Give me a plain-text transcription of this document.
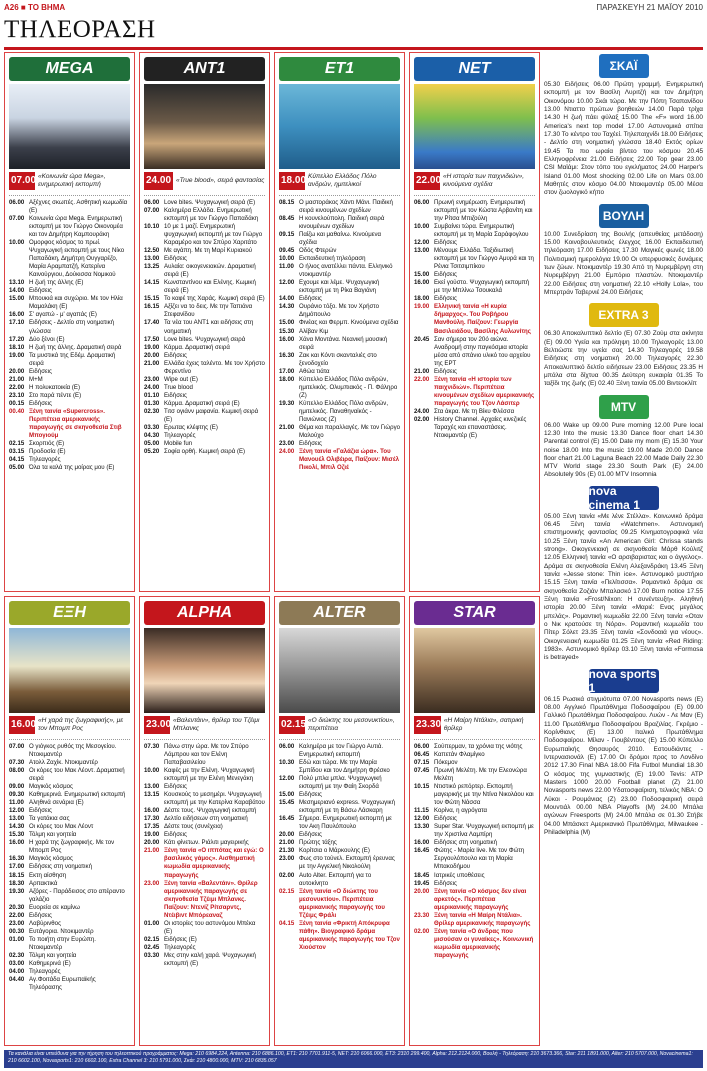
A26 ■ ΤΟ ΒΗΜΑ	ΠΑΡΑΣΚΕΥΗ 21 ΜΑΪΟΥ 2010
ΤΗΛΕΟΡΑΣΗ
MEGA
07.00 «Κοινωνία ώρα Mega», ενημερωτική εκπομπή
06.00 Αξέχνες σκωπές. Ασθητική κωμωδία (Ε)
07.00 Κοινωνία ώρα Mega. Ενημερωτική εκπομπή με τον Γιώργο Οικονομέα και τον Δημήτρη Καμπουράκη
10.00 Ομορφος κόσμος το πρωί. Ψυχαγωγική εκπομπή με τους Νίκο Παπαδάκη, Δημήτρη Ουγγαρέζο, Μαρία Αραμπατζή, Κατερίνα Καινούργιου, Δούκισσα Νομικού
13.10 Η ζωή της άλλης (Ε)
14.00 Ειδήσεις
15.00 Μπουκιά και συχώριο. Με τον Ηλία Μαμαλάκη (Ε)
16.00 Σ' αγαπώ - μ' αγαπάς (Ε)
17.10 Ειδήσεις - Δελτίο στη νοηματική γλώσσα
17.20 Δύο ξένοι (Ε)
18.10 Η ζωή της άλλης. Δραματική σειρά
19.00 Τα μυστικά της Εδέμ. Δραματική σειρά
20.00 Ειδήσεις
21.00 Μ+Μ
22.00 Η πολυκατοικία (Ε)
23.10 Στο παρά πέντε (Ε)
00.15 Ειδήσεις
00.40 Ξένη ταινία «Supercross». Περιπέτεια αμερικανικής παραγωγής σε σκηνοθεσία Στιβ Μπογιούμ
02.15 Σκορπιός (Ε)
03.15 Προδοσία (Ε)
04.15 Τηλεαγορές
05.00 Όλα τα καλά της μοίρας μου (Ε)
ANT1
24.00 «True blood», σειρά φαντασίας
06.00 Love bites. Ψυχαγωγική σειρά (Ε)
07.00 Καλημέρα Ελλάδα. Ενημερωτική εκπομπή με τον Γιώργο Παπαδάκη
10.10 10 με 1 μαζί. Ενημερωτική ψυχαγωγική εκπομπή με τον Γιώργο Καραμέρο και τον Σπύρο Χαριτάτο
12.50 Με αγάπη. Με τη Μαρί Κυριακού
13.00 Ειδήσεις
13.25 Αυλαία: οικογενειακών. Δραματική σειρά (Ε)
14.15 Κωνσταντίνου και Ελένης. Κωμική σειρά (Ε)
15.15 Το καφέ της Χαράς. Κωμική σειρά (Ε)
16.15 Αξίζει να το δεις. Με την Ταπιάνα Στεφανίδου
17.40 Τα νέα του ΑΝΤ1 και ειδήσεις στη νοηματική
17.50 Love bites. Ψυχαγωγική σειρά
19.00 Κάρμα. Δραματική σειρά
20.00 Ειδήσεις
21.00 Ελλάδα έχεις ταλέντο. Με τον Χρήστο Φερεντίνο
23.00 Wipe out (Ε)
24.00 True blood
01.10 Ειδήσεις
01.30 Κάρμα. Δραματική σειρά (Ε)
02.30 Τιτσ ογιάνν μαφανία. Κωμική σειρά (Ε)
03.30 Ερωτας κλέφτης (Ε)
04.30 Τηλεαγορές
05.00 Mobile fun
05.20 Σοφία ορθή. Κωμική σειρά (Ε)
ET1
18.00 Κύπελλο Ελλάδος Πόλο ανδρών, ημιτελικοί
08.15 Ο μαστοράκος Χάντι Μάνι. Παιδική σειρά κινουμένων σχεδίων
08.45 Η κουνελούπολη. Παιδική σειρά κινουμένων σχεδίων
09.15 Παίζω και μαθαίνω. Κινούμενα σχέδια
09.45 Οδός Φτερών
10.00 Εκπαιδευτική τηλεόραση
11.00 Ο ήλιος ανατέλλει πάντα. Ελληνικό ντοκιμαντέρ
12.00 Εχουμε και λέμε. Ψυχαγωγική εκπομπή με τη Ρίκα Βαγιάνη
14.00 Ειδήσεις
14.30 Ουράνιο τόξο. Με τον Χρήστο Δημόπουλο
15.00 Φινέας και Φερμπ. Κινούμενα σχέδια
15.30 Αλίβαν Κιμ
16.00 Χάνα Μοντάνα. Νεανική μουσική σειρά
16.30 Ζακ και Κόντι σκανταλιές στο ξενοδοχείο
17.00 Αθώα τιάτα
18.00 Κύπελλο Ελλάδος Πόλο ανδρών, ημιτελικός. Ολυμπιακός - Π. Φάληρο (Ζ)
19.30 Κύπελλο Ελλάδος Πόλο ανδρών, ημιτελικός. Παναθηναϊκός - Πανιώνιος (Ζ)
21.00 Θέμα και παραλλαγές. Με τον Γιώργο Μαλούχο
23.00 Ειδήσεις
24.00 Ξένη ταινία «Γαλάζια ώρα». Του Μανουέλ Ολιβέιρα, Παίζουν: Μισέλ Πικολί, Μπιλ Οζιέ
NET
22.00 «Η ιστορία των παιχνιδιών», κινούμενα σχέδια
06.00 Πρωινή ενημέρωση. Ενημερωτική εκπομπή με τον Κώστα Αρβανίτη και την Ρίτσα Μπιζούλη
10.00 Συμβαίνει τώρα. Ενημερωτική εκπομπή με τη Μαρία Σαράφογλου
12.00 Ειδήσεις
13.00 Μένουμε Ελλάδα. Ταξιδιωτική εκπομπή με τον Γιώργο Αμυρά και τη Ρένια Τσιτσιμπίκου
15.00 Ειδήσεις
16.00 Εκεί γούστο. Ψυχαγωγική εκπομπή με την Μπλίνω Τσουκαλά
18.00 Ειδήσεις
19.00 Ελληνική ταινία «Η κυρία δήμαρχος». Του Ροβήρου Μανθούλη. Παίζουν: Γεωργία Βασιλειάδου, Βασίλης Αυλωνίτης
20.45 Σαν σήμερα τον 20ό αιώνα. Αναδρομή στην παγκόσμια ιστορία μέσα από σπάνιο υλικό του αρχείου της ΕΡΤ
21.00 Ειδήσεις
22.00 Ξένη ταινία «Η ιστορία των παιχνιδιών». Περιπέτεια κινουμένων σχεδίων αμερικανικής παραγωγής του Τζον Λάσιτερ
24.00 Στα άκρα. Με τη Βίκυ Φλέσσα
02.00 History Channel. Αρχαίες κινεζικές Ταραχές και επαναστάσεις. Ντοκιμαντέρ (Ε)
ΕΞΗ
16.00 «Η χαρά της ζωγραφικής», με τον Μπομπ Ρος
07.00 Ο γιόγκος ρυθός της Μεσογείου. Ντοκιμαντέρ
07.30 Ατολλ Ζαχίκ. Ντοκιμαντέρ
08.00 Οι κόρες του Μακ Λέοντ. Δραματική σειρά
09.00 Μαγικός κόσμος
09.30 Καθημερινά. Ενημερωτική εκπομπή
11.00 Αληθινά σενάρια (Ε)
12.00 Ειδήσεις
13.00 Τα γατάκια σας
14.30 Οι κόρες του Μακ Λέοντ
15.30 Τόλμη και γοητεία
16.00 Η χαρά της ζωγραφικής. Με τον Μπομπ Ρος
16.30 Μαγικός κόσμος
17.00 Ειδήσεις στη νοηματική
18.15 Εκτη αίσθηση
18.30 Αρπακτικά
19.30 Αζόρες - Παράδεισος στο απέραντο γαλάζιο
20.30 Ευορεία σε καμίνω
22.00 Ειδήσεις
23.00 Λαβύρινθος
00.30 Ευτάγορια. Ντοκιμαντέρ
01.00 Το ποιήτη στην Ευρώπη. Ντοκιμαντέρ
02.30 Τόλμη και γοητεία
03.00 Καθημερινά (Ε)
04.00 Τηλεαγορές
04.40 Αγ.Φοιτάδα Ευρωπαϊκής Τηλεόρασης
ALPHA
23.00 «Βαλεντάιν», θρίλερ του Τζέιμι Μπλανκς
07.30 Πάνω στην ώρα. Με τον Σπύρο Λάμπρου και τον Ελένη Παπαβασιλείου
10.00 Καφές με την Ελένη. Ψυχαγωγική εκπομπή με την Ελένη Μενεγάκη
13.00 Ειδήσεις
13.15 Κουσκούς το μεσημέρι. Ψυχαγωγική εκπομπή με την Κατερίνα Καραβάτου
16.00 Δέστε τους. Ψυχαγωγική εκπομπή
17.30 Δελτίο ειδήσεων στη νοηματική
17.35 Δέστε τους (συνέχεια)
19.00 Ειδήσεις
20.00 Κάτι φίνετων. Ριάλιτι μαγειρικής
21.00 Ξένη ταινία «Ο ιππότας και εγώ: Ο βασιλικός γάμος». Αισθηματική κωμωδία αμερικανικής παραγωγής
23.00 Ξένη ταινία «Βαλεντάιν». Θρίλερ αμερικανικής παραγωγής σε σκηνοθεσία Τζέιμι Μπλανκς. Παίζουν: Ντενίζ Ρίτσαρντς, Ντέιβιντ Μπόρεαναζ
01.00 Οι ιστορίες του αστυνόμου Μπέκα (Ε)
02.15 Ειδήσεις (Ε)
02.45 Τηλεαγορές
03.30 Μες στην καλή χαρά. Ψυχαγωγική εκπομπή (Ε)
ALTER
02.15 «Ο διώκτης του μεσονυκτίου», περιπέτεια
06.00 Καλημέρα με τον Γιώργο Αυτιά. Ενημερωτική εκπομπή
10.30 Εδώ και τώρα. Με την Μαρία Σμπίδου και τον Δημήτρη Φρέσκο
12.00 Πολύ μπλα μπλα. Ψυχαγωγική εκπομπή με την Φαίη Σκορδά
15.00 Ειδήσεις
15.45 Μεσημεριανό express. Ψυχαγωγική εκπομπή με τη Βάσω Λάσκαρη
16.45 Σήμερα. Ενημερωτική εκπομπή με τον Ακη Παυλόπουλο
20.00 Ειδήσεις
21.00 Πρώτης τάξης
21.30 Κορίτσια ο Μάρκουλης (Ε)
23.00 Φως στο τούνελ. Εκπομπή έρευνας με την Αγγελική Νικολούλη
02.00 Auto Alter. Εκπομπή για το αυτοκίνητο
02.15 Ξένη ταινία «Ο διώκτης του μεσονυκτίου». Περιπέτεια αμερικανικής παραγωγής του Τζέιμς Φράλι
04.15 Ξένη ταινία «Φρικτή Απόκρυφα πάθη». Βιογραφικό δράμα αμερικανικής παραγωγής του Τζον Χιούστον
STAR
23.30 «Η Μαίρη Ντάλια», σατιρική θρίλερ
06.00 Σούπερμαν, τα χρόνια της νιότης
06.45 Καπετάν Φλαμίγκο
07.15 Πόκεμον
07.45 Πρωινή Μελέτη. Με την Ελεονώρα Μελέτη
10.15 Ντιστικό ρεπόρτερ. Εκπομπή μαγειρικής με την Ντίνα Νικολάου και τον Φώτη Νάσσα
11.15 Κορίνα, η αγρόγατα
12.00 Ειδήσεις
13.30 Super Star. Ψυχαγωγική εκπομπή με την Χριστίνα Λαμπίρη
16.00 Ειδήσεις στη νοηματική
16.45 Φώτης - Μαρία live. Με τον Φώτη Σεργουλόπουλο και τη Μαρία Μπακοδήμου
18.45 Ιατρικές υποθέσεις
19.45 Ειδήσεις
20.00 Ξένη ταινία «Ο κόσμος δεν είναι αρκετός». Περιπέτεια αμερικανικής παραγωγής
23.30 Ξένη ταινία «Η Μαίρη Ντάλια». Θρίλερ αμερικανικής παραγωγής
02.00 Ξένη ταινία «Ο άνδρας που μισούσαν οι γυναίκες». Κοινωνική κωμωδία αμερικανικής παραγωγής
ΣΚΑΪ
05.30 Ειδήσεις 06.00 Πρώτη γραμμή. Ενημερωτική εκπομπή με τον Βασίλη Λυριτζή και τον Δημήτρη Οικονόμου 10.00 Σκάι τώρα. Με την Πόπη Τσαπανίδου 13.00 Ντιαττο πρώτων βοηθειών 14.00 Παρά τρίχα 14.30 Η ζωή πάει φύλαξ 15.00 The «F» word 16.00 America's next top model 17.00 Αστυνομικά σπίτια 17.30 Το κέντρο του Ταχέεί. Τηλεπαιχνίδι 18.00 Ειδήσεις - Δελτίο στη νοηματική γλώσσα 18.40 Εκτός ορίων 19.45 Τα πιο ωραία βίντεο του κόσμου 20.45 Ελληνοφρένεια 21.00 Ειδήσεις 22.00 Top gear 23.00 CSI Μαϊάμι: Στον τόπο του εγκλήματος 24.00 Harper's Island 01.00 Most shocking 02.00 Life on Mars 03.00 Μαθητές στον κόσμο 04.00 Ντοκιμαντέρ 05.00 Μέσα στον ζωολογικό κήπο
ΒΟΥΛΗ
10.00 Συνεδρίαση της Βουλής (απευθείας μετάδοση) 15.00 Κοινοβουλευτικός έλεγχος 16.00 Εκπαιδευτική τηλεόραση 17.00 Ειδήσεις 17.30 Μαγικές φωνές 18.00 Πολιτισμική ημερολόγια 19.00 Οι υπερφυσικές δυνάμεις των ζώων. Ντοκιμαντέρ 19.30 Από τη Νυρεμβέργη στη Νυρεμβέργη 21.00 Εμπόριο πλαστών. Ντοκιμαντέρ 22.00 Ειδήσεις στη νοηματική 22.10 «Holly Lola», του Μπερτράν Ταβερνιέ 24.00 Ειδήσεις
EXTRA 3
06.30 Αποκαλυπτικό δελτίο (Ε) 07.30 Ζούμ στα ακίνητα (Ε) 09.00 Υγεία και πρόληψη 10.00 Τηλεαγορές 13.00 Βελτιώστε την υγεία σας 14.30 Τηλεαγορές 19.58 Ειδήσεις στη νοηματική 20.00 Τηλεαγορές 22.30 Αποκαλυπτικό δελτίο ειδήσεων 23.00 Ειδήσεις 23.35 Η μπάλα στα δίχτυα 00.35 Δεύτερη ευκαιρία 01.35 Το ταξίδι της ζωής (Ε) 02.40 Ξένη ταινία 05.00 Βιντεοκλίπ
MTV
06.00 Wake up 09.00 Pure morning 12.00 Pure local 12.30 Into the music 13.30 Dance floor chart 14.30 Parental control (Ε) 15.00 Date my mom (Ε) 15.30 Your noise 18.00 Into the music 19.00 Made 20.00 Dance floor chart 21.00 Laguna Beach 22.00 Made Daily 22.30 MTV World stage 23.30 South Park (Ε) 24.00 Absolutely 90s (Ε) 01.00 MTV Insomnia
nova cinema 1
05.00 Ξένη ταινία «Με λένε Στέλλα». Κοινωνικό δράμα 06.45 Ξένη ταινία «Watchmen». Αστυνομική επιστημονικής φαντασίας 09.25 Κινηματογραφικά νέα 10.25 Ξένη ταινία «An American Girl: Chrissa stands strong». Οικογενειακή σε σκηνοθεσία Μάρθ Κούλιτζ 12.05 Ελληνική ταινία «Ο αρσιβαριστας και ο άγγελος». Δράμα σε σκηνοθεσία Ελένη Αλεξανδράκη 13.45 Ξένη ταινία «Jesse stone: Thin ice». Αστυνομικό μυστήριο 15.15 Ξένη ταινία «Πελίτισσα». Ρομαντικό δράμα σε σκηνοθεσία Ζοζιάν Μπαλασκό 17.00 Burn notice 17.55 Ξένη ταινία «Frost/Nixon: Η συνέντευξη». Αληθινή ιστορία 20.00 Ξένη ταινία «Μαριέ: Ενας μεγάλος μπελάς». Ρομαντική κωμωδία 22.00 Ξένη ταινία «Οταν ο Νικ κρατούσε τη Νόρα». Ρομαντική κωμωδία του Πίτερ Σόλετ 23.35 Ξένη ταινία «Σονδοαιά για νέους». Οικογενειακή κωμωδία 01.25 Ξένη ταινία «Red Riding: 1983». Αστυνομικό θρίλερ 03.10 Ξένη ταινία «Formosa is betrayed»
nova sports 1
06.15 Ρωσικά στιγμιότυπα 07.00 Novasports news (Ε) 08.00 Αγγλικό Πρωτάθλημα Ποδοσφαίρου (Ε) 09.00 Γαλλικό Πρωτάθλημα Ποδοσφαίρου. Λυών - Λε Μαν (Ε) 11.00 Πρωτάθλημα Ποδοσφαίρου Βραζιλίας. Γκρέμιο - Κορίνθιανς (Ε) 13.00 Ιταλικό Πρωτάθλημα Ποδοσφαίρου. Μίλαν - Γιουβέντους (Ε) 15.00 Κύπελλο Ευρωπαϊκής Θησαυρός 2010. Εστουδιάντες - Ιντερνασιονάλ (Ε) 17.00 Οι δρόμοι προς το Λονδίνο 2012 17.30 Final NBA 18.00 Fifa Futbol Mundial 18.30 Ο κόσμος της γυμναστικής (Ε) 19.00 Tevis: ATP Masters 1000 20.00 Football planet (Ζ) 21.00 Novasports news 22.00 Υδατοσφαίριση, τελικός NBA: Ο Λύκοι - Ρουμάνιας (Ζ) 23.00 Ποδοσφαιρική σειρά Μουντιάλ 00.00 NBA Playoffs (Μ) 24.00 Μπάλα αγώνων Freesports (Μ) 24.00 Μπάλα σε 01.30 Στήβε 04.00 Μπάσκετ Αμερικανικό Πρωτάθλημα, Milwaukee - Philadelphia (Μ)
Τα κανάλια είναι υπεύθυνα για την τήρηση του τηλεοπτικού προγράμματος: Mega: 210 6984.224, Antenna: 210 6886.100, ΕΤ1: 210 7701.911-5, ΝΕΤ: 210 6066.000, ΕΤ3: 2310 299.400, Alpha: 212.2124.000, Βουλή - Τηλεόραση: 210 3673.366, Star: 211 1891.000, Alter: 210 5707.000, Novacinema1: 210 6602.100, Novasports1: 210 6602.100, Extra Channel 3: 210 5791.000, Σκάι: 210 4800.000, MTV: 210 6835.057
